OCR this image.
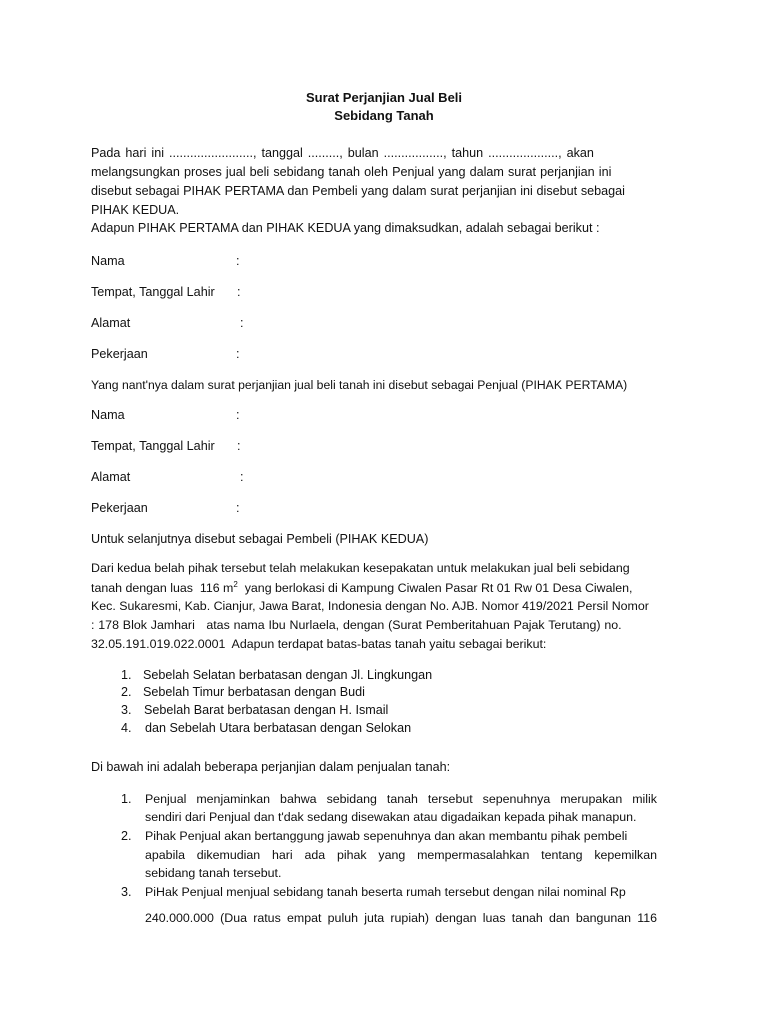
Surat Perjanjian Jual Beli
Sebidang Tanah
Pada hari ini ........................, tanggal ........., bulan ................., tahun ...................., akan
melangsungkan proses jual beli sebidang tanah oleh Penjual yang dalam surat perjanjian ini
disebut sebagai PIHAK PERTAMA dan Pembeli yang dalam surat perjanjian ini disebut sebagai
PIHAK KEDUA.
Adapun PIHAK PERTAMA dan PIHAK KEDUA yang dimaksudkan, adalah sebagai berikut :
Nama	:
Tempat, Tanggal Lahir :
Alamat	:
Pekerjaan	:
Yang nant'nya dalam surat perjanjian jual beli tanah ini disebut sebagai Penjual (PIHAK PERTAMA)
Nama	:
Tempat, Tanggal Lahir :
Alamat	:
Pekerjaan	:
Untuk selanjutnya disebut sebagai Pembeli (PIHAK KEDUA)
Dari kedua belah pihak tersebut telah melakukan kesepakatan untuk melakukan jual beli sebidang
tanah dengan luas  116 $m^2$  yang berlokasi di Kampung Ciwalen Pasar Rt 01 Rw 01 Desa Ciwalen,
Kec. Sukaresmi, Kab. Cianjur, Jawa Barat, Indonesia dengan No. AJB. Nomor 419/2021 Persil Nomor
: 178 Blok Jamhari   atas nama Ibu Nurlaela, dengan (Surat Pemberitahuan Pajak Terutang) no.
32.05.191.019.022.0001  Adapun terdapat batas-batas tanah yaitu sebagai berikut:
1. Sebelah Selatan berbatasan dengan Jl. Lingkungan
2. Sebelah Timur berbatasan dengan Budi
3. Sebelah Barat berbatasan dengan H. Ismail
4. dan Sebelah Utara berbatasan dengan Selokan
Di bawah ini adalah beberapa perjanjian dalam penjualan tanah:
1. Penjual menjaminkan bahwa sebidang tanah tersebut sepenuhnya merupakan milik
sendiri dari Penjual dan t'dak sedang disewakan atau digadaikan kepada pihak manapun.
2. Pihak Penjual akan bertanggung jawab sepenuhnya dan akan membantu pihak pembeli
apabila dikemudian hari ada pihak yang mempermasalahkan tentang kepemilkan
sebidang tanah tersebut.
3. PiHak Penjual menjual sebidang tanah beserta rumah tersebut dengan nilai nominal Rp
240.000.000 (Dua ratus empat puluh juta rupiah) dengan luas tanah dan bangunan 116
